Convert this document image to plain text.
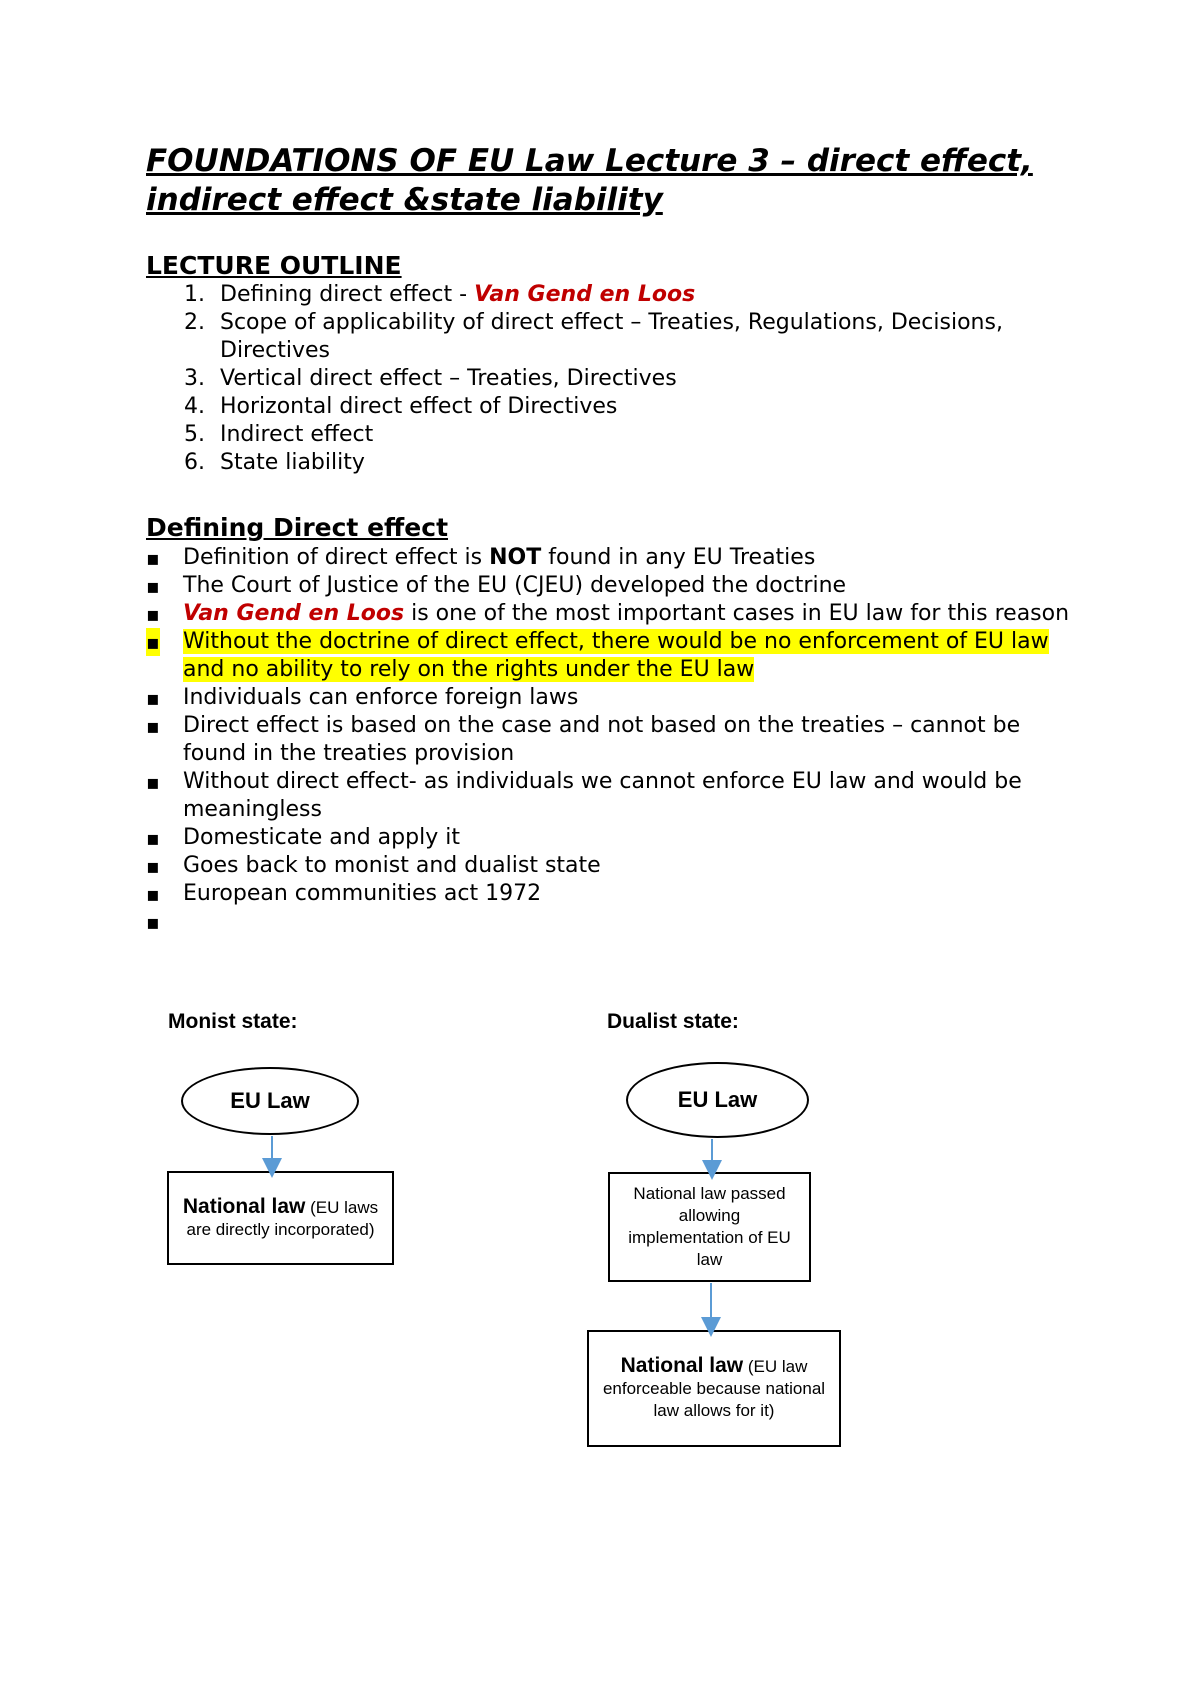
FOUNDATIONS OF EU Law Lecture 3 – direct effect, indirect effect &state liability
LECTURE OUTLINE
1. Defining direct effect - Van Gend en Loos
2. Scope of applicability of direct effect – Treaties, Regulations, Decisions, Directives
3. Vertical direct effect – Treaties, Directives
4. Horizontal direct effect of Directives
5. Indirect effect
6. State liability
Defining Direct effect
▪ Definition of direct effect is NOT found in any EU Treaties
▪ The Court of Justice of the EU (CJEU) developed the doctrine
▪ Van Gend en Loos is one of the most important cases in EU law for this reason
▪ Without the doctrine of direct effect, there would be no enforcement of EU law and no ability to rely on the rights under the EU law
▪ Individuals can enforce foreign laws
▪ Direct effect is based on the case and not based on the treaties – cannot be found in the treaties provision
▪ Without direct effect- as individuals we cannot enforce EU law and would be meaningless
▪ Domesticate and apply it
▪ Goes back to monist and dualist state
▪ European communities act 1972
▪

Monist state:

EU Law
National law (EU laws are directly incorporated)

Dualist state:

EU Law
National law passed allowing implementation of EU law
National law (EU law enforceable because national law allows for it)
